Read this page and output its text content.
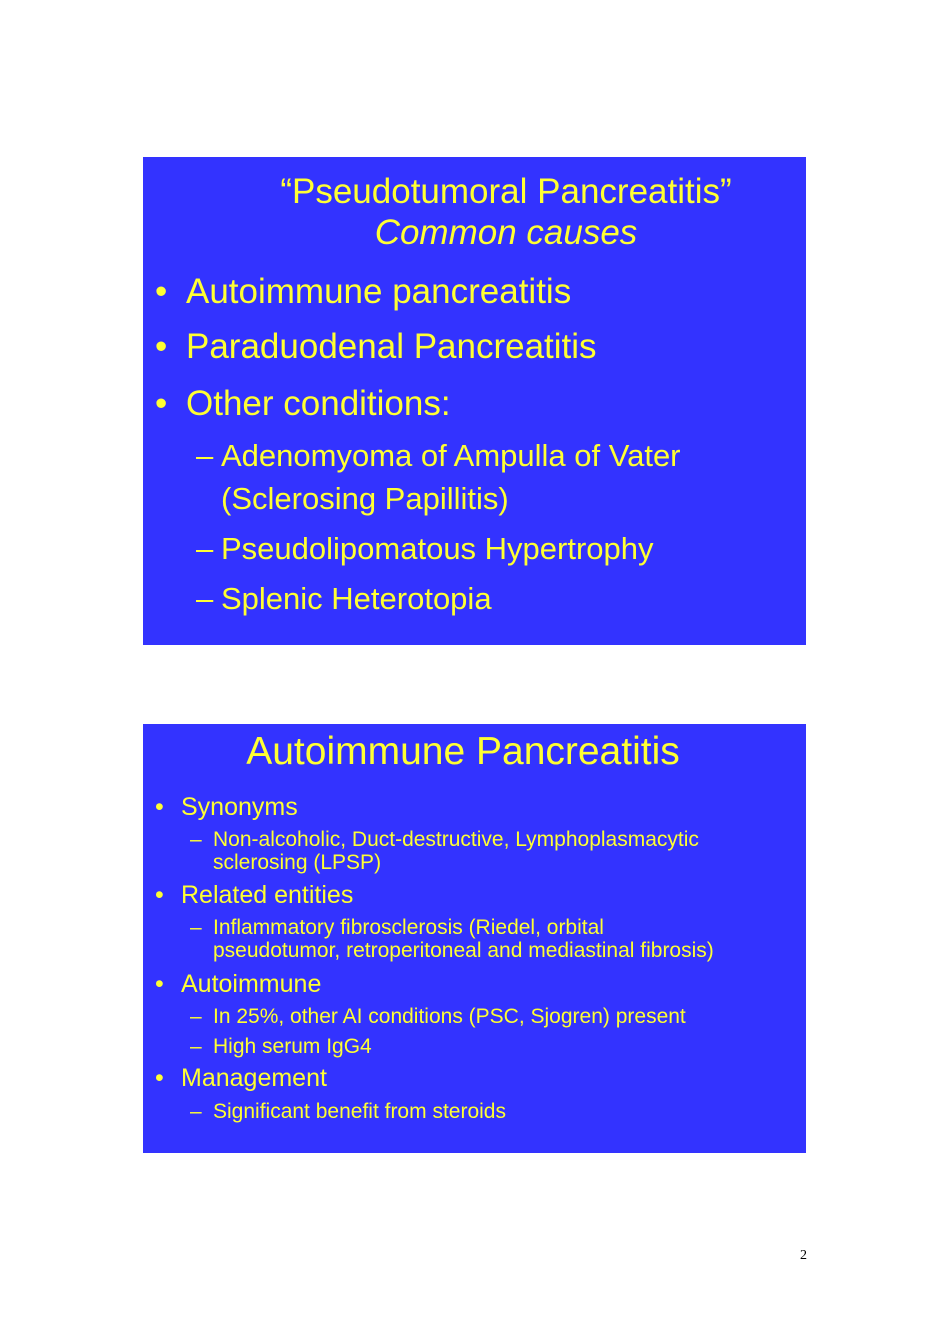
“Pseudotumoral Pancreatitis”
Common causes
• Autoimmune pancreatitis
• Paraduodenal Pancreatitis
• Other conditions:
– Adenomyoma of Ampulla of Vater
(Sclerosing Papillitis)
– Pseudolipomatous Hypertrophy
– Splenic Heterotopia
Autoimmune Pancreatitis
• Synonyms
– Non-alcoholic, Duct-destructive, Lymphoplasmacytic
sclerosing (LPSP)
• Related entities
– Inflammatory fibrosclerosis (Riedel, orbital
pseudotumor, retroperitoneal and mediastinal fibrosis)
• Autoimmune
– In 25%, other AI conditions (PSC, Sjogren) present
– High serum IgG4
• Management
– Significant benefit from steroids
2
